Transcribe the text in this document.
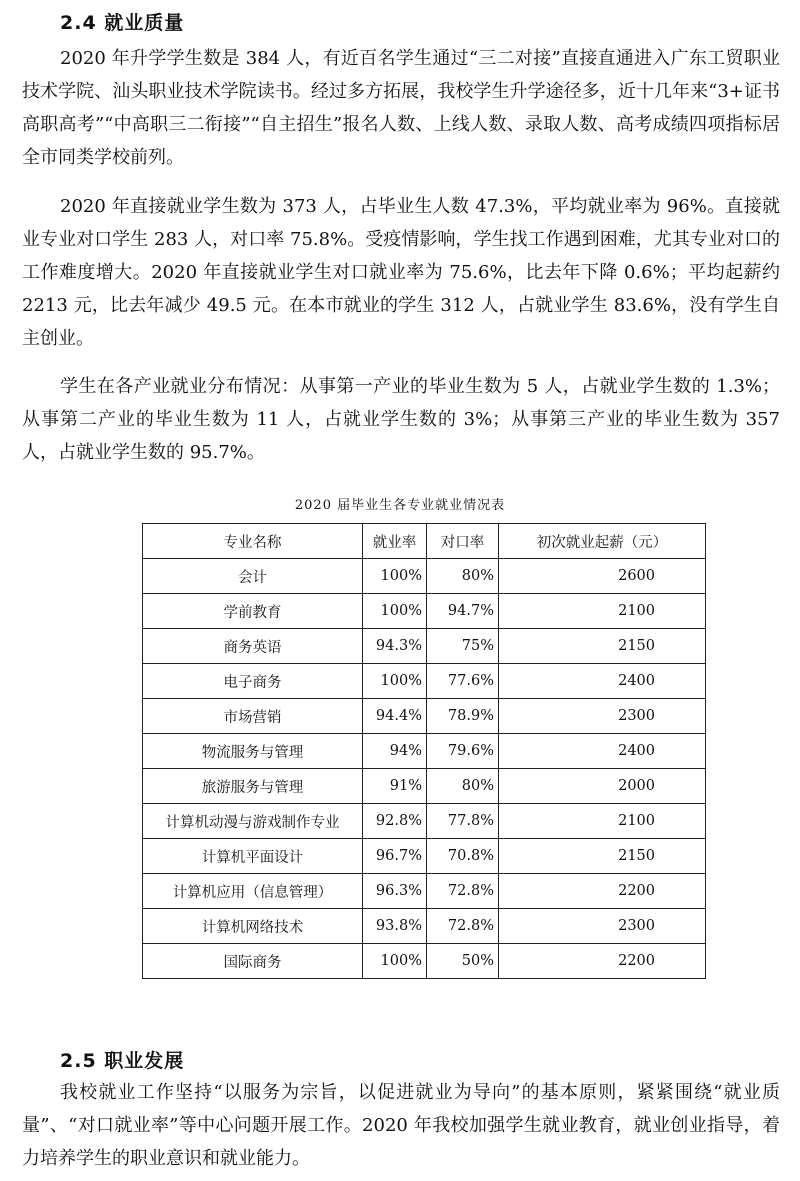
2.4 就业质量

2020 年升学学生数是 384 人，有近百名学生通过“三二对接”直接直通进入广东工贸职业技术学院、汕头职业技术学院读书。经过多方拓展，我校学生升学途径多，近十几年来“3+证书高职高考”“中高职三二衔接”“自主招生”报名人数、上线人数、录取人数、高考成绩四项指标居全市同类学校前列。

2020 年直接就业学生数为 373 人，占毕业生人数 47.3%，平均就业率为 96%。直接就业专业对口学生 283 人，对口率 75.8%。受疫情影响，学生找工作遇到困难，尤其专业对口的工作难度增大。2020 年直接就业学生对口就业率为 75.6%，比去年下降 0.6%；平均起薪约 2213 元，比去年减少 49.5 元。在本市就业的学生 312 人，占就业学生 83.6%，没有学生自主创业。

学生在各产业就业分布情况：从事第一产业的毕业生数为 5 人，占就业学生数的 1.3%；从事第二产业的毕业生数为 11 人，占就业学生数的 3%；从事第三产业的毕业生数为 357 人，占就业学生数的 95.7%。

2020 届毕业生各专业就业情况表
专业名称	就业率	对口率	初次就业起薪（元）
会计	100%	80%	2600
学前教育	100%	94.7%	2100
商务英语	94.3%	75%	2150
电子商务	100%	77.6%	2400
市场营销	94.4%	78.9%	2300
物流服务与管理	94%	79.6%	2400
旅游服务与管理	91%	80%	2000
计算机动漫与游戏制作专业	92.8%	77.8%	2100
计算机平面设计	96.7%	70.8%	2150
计算机应用（信息管理）	96.3%	72.8%	2200
计算机网络技术	93.8%	72.8%	2300
国际商务	100%	50%	2200
2.5 职业发展

我校就业工作坚持“以服务为宗旨，以促进就业为导向”的基本原则，紧紧围绕“就业质量”、“对口就业率”等中心问题开展工作。2020 年我校加强学生就业教育，就业创业指导，着力培养学生的职业意识和就业能力。
